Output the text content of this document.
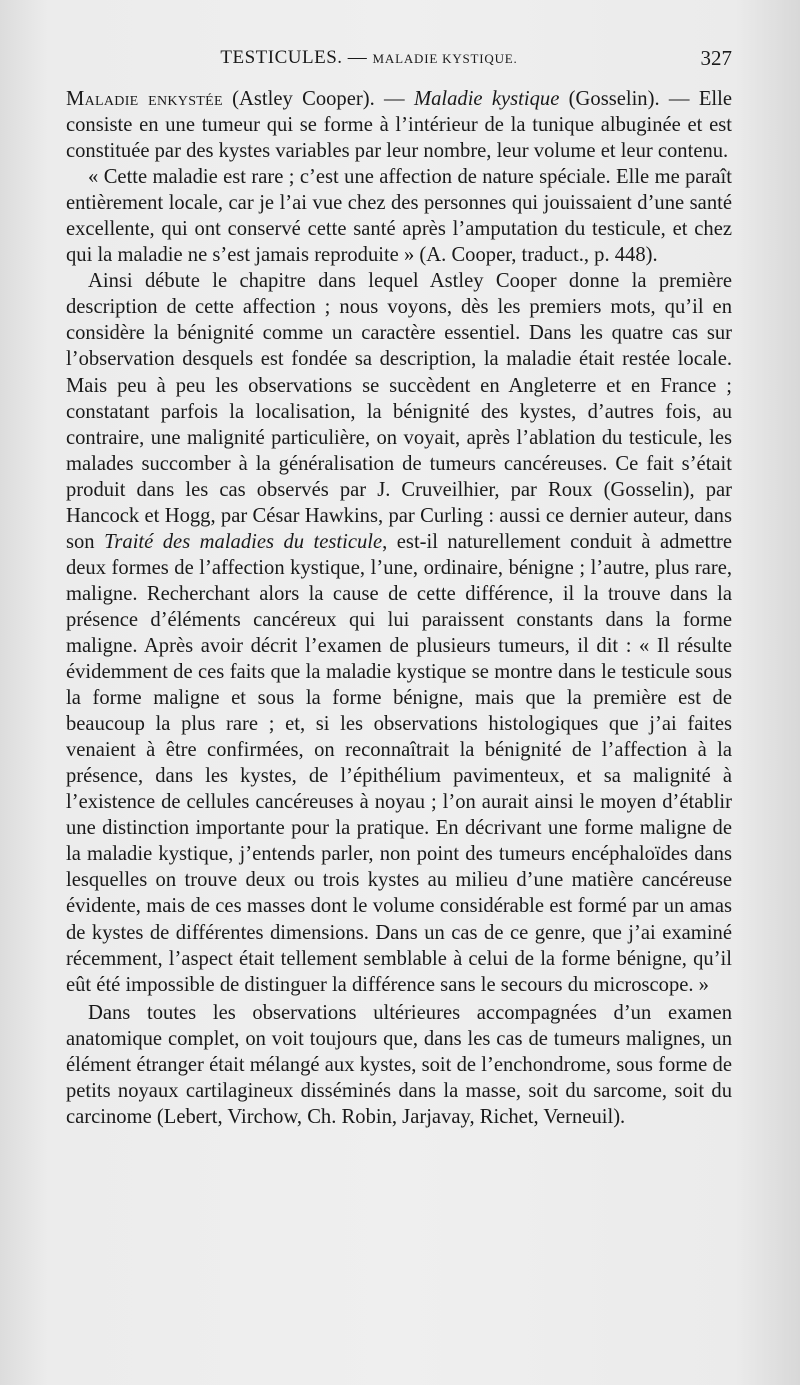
TESTICULES. — MALADIE KYSTIQUE.	327

Maladie enkystée (Astley Cooper). — Maladie kystique (Gosselin). — Elle consiste en une tumeur qui se forme à l’intérieur de la tunique albuginée et est constituée par des kystes variables par leur nombre, leur volume et leur contenu.

« Cette maladie est rare ; c’est une affection de nature spéciale. Elle me paraît entièrement locale, car je l’ai vue chez des personnes qui jouissaient d’une santé excellente, qui ont conservé cette santé après l’amputation du testicule, et chez qui la maladie ne s’est jamais reproduite » (A. Cooper, traduct., p. 448).

Ainsi débute le chapitre dans lequel Astley Cooper donne la première description de cette affection ; nous voyons, dès les premiers mots, qu’il en considère la bénignité comme un caractère essentiel. Dans les quatre cas sur l’observation desquels est fondée sa description, la maladie était restée locale. Mais peu à peu les observations se succèdent en Angleterre et en France ; constatant parfois la localisation, la bénignité des kystes, d’autres fois, au contraire, une malignité particulière, on voyait, après l’ablation du testicule, les malades succomber à la généralisation de tumeurs cancéreuses. Ce fait s’était produit dans les cas observés par J. Cruveilhier, par Roux (Gosselin), par Hancock et Hogg, par César Hawkins, par Curling : aussi ce dernier auteur, dans son Traité des maladies du testicule, est-il naturellement conduit à admettre deux formes de l’affection kystique, l’une, ordinaire, bénigne ; l’autre, plus rare, maligne. Recherchant alors la cause de cette différence, il la trouve dans la présence d’éléments cancéreux qui lui paraissent constants dans la forme maligne. Après avoir décrit l’examen de plusieurs tumeurs, il dit : « Il résulte évidemment de ces faits que la maladie kystique se montre dans le testicule sous la forme maligne et sous la forme bénigne, mais que la première est de beaucoup la plus rare ; et, si les observations histologiques que j’ai faites venaient à être confirmées, on reconnaîtrait la bénignité de l’affection à la présence, dans les kystes, de l’épithélium pavimenteux, et sa malignité à l’existence de cellules cancéreuses à noyau ; l’on aurait ainsi le moyen d’établir une distinction importante pour la pratique. En décrivant une forme maligne de la maladie kystique, j’entends parler, non point des tumeurs encéphaloïdes dans lesquelles on trouve deux ou trois kystes au milieu d’une matière cancéreuse évidente, mais de ces masses dont le volume considérable est formé par un amas de kystes de différentes dimensions. Dans un cas de ce genre, que j’ai examiné récemment, l’aspect était tellement semblable à celui de la forme bénigne, qu’il eût été impossible de distinguer la différence sans le secours du microscope. »

Dans toutes les observations ultérieures accompagnées d’un examen anatomique complet, on voit toujours que, dans les cas de tumeurs malignes, un élément étranger était mélangé aux kystes, soit de l’enchondrome, sous forme de petits noyaux cartilagineux disséminés dans la masse, soit du sarcome, soit du carcinome (Lebert, Virchow, Ch. Robin, Jarjavay, Richet, Verneuil).
